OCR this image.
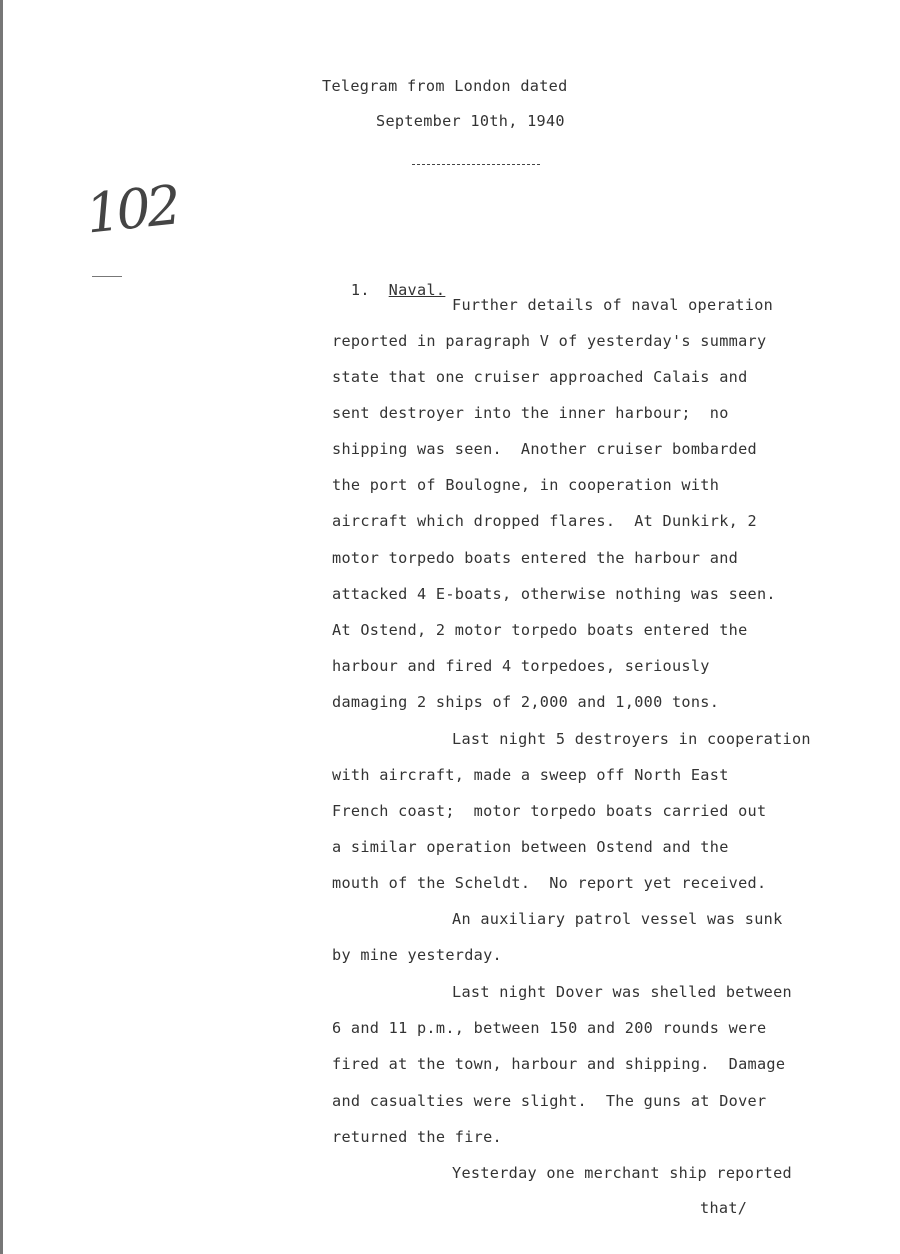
Telegram from London dated
September 10th, 1940
102

1. Naval.

Further details of naval operation
reported in paragraph V of yesterday's summary
state that one cruiser approached Calais and
sent destroyer into the inner harbour;  no
shipping was seen.  Another cruiser bombarded
the port of Boulogne, in cooperation with
aircraft which dropped flares.  At Dunkirk, 2
motor torpedo boats entered the harbour and
attacked 4 E-boats, otherwise nothing was seen.
At Ostend, 2 motor torpedo boats entered the
harbour and fired 4 torpedoes, seriously
damaging 2 ships of 2,000 and 1,000 tons.
Last night 5 destroyers in cooperation
with aircraft, made a sweep off North East
French coast;  motor torpedo boats carried out
a similar operation between Ostend and the
mouth of the Scheldt.  No report yet received.
An auxiliary patrol vessel was sunk
by mine yesterday.
Last night Dover was shelled between
6 and 11 p.m., between 150 and 200 rounds were
fired at the town, harbour and shipping.  Damage
and casualties were slight.  The guns at Dover
returned the fire.
Yesterday one merchant ship reported
that/
